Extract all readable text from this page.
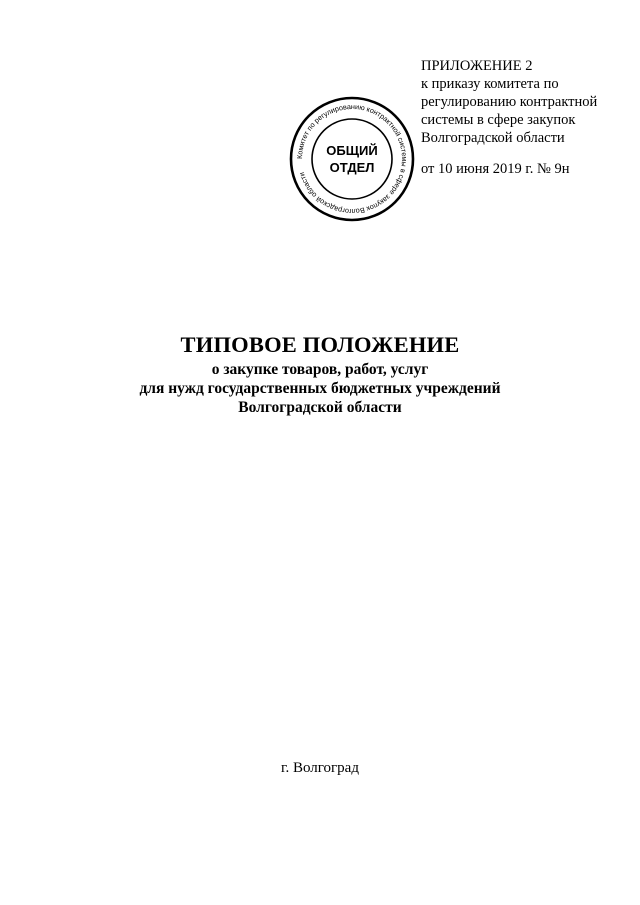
ПРИЛОЖЕНИЕ 2
к приказу комитета по
регулированию контрактной
системы в сфере закупок
Волгоградской области
от 10 июня 2019 г. № 9н
Комитет по регулированию контрактной системы в сфере закупок Волгоградской области
ОБЩИЙ
ОТДЕЛ
ТИПОВОЕ ПОЛОЖЕНИЕ
о закупке товаров, работ, услуг
для нужд государственных бюджетных учреждений
Волгоградской области
г. Волгоград
